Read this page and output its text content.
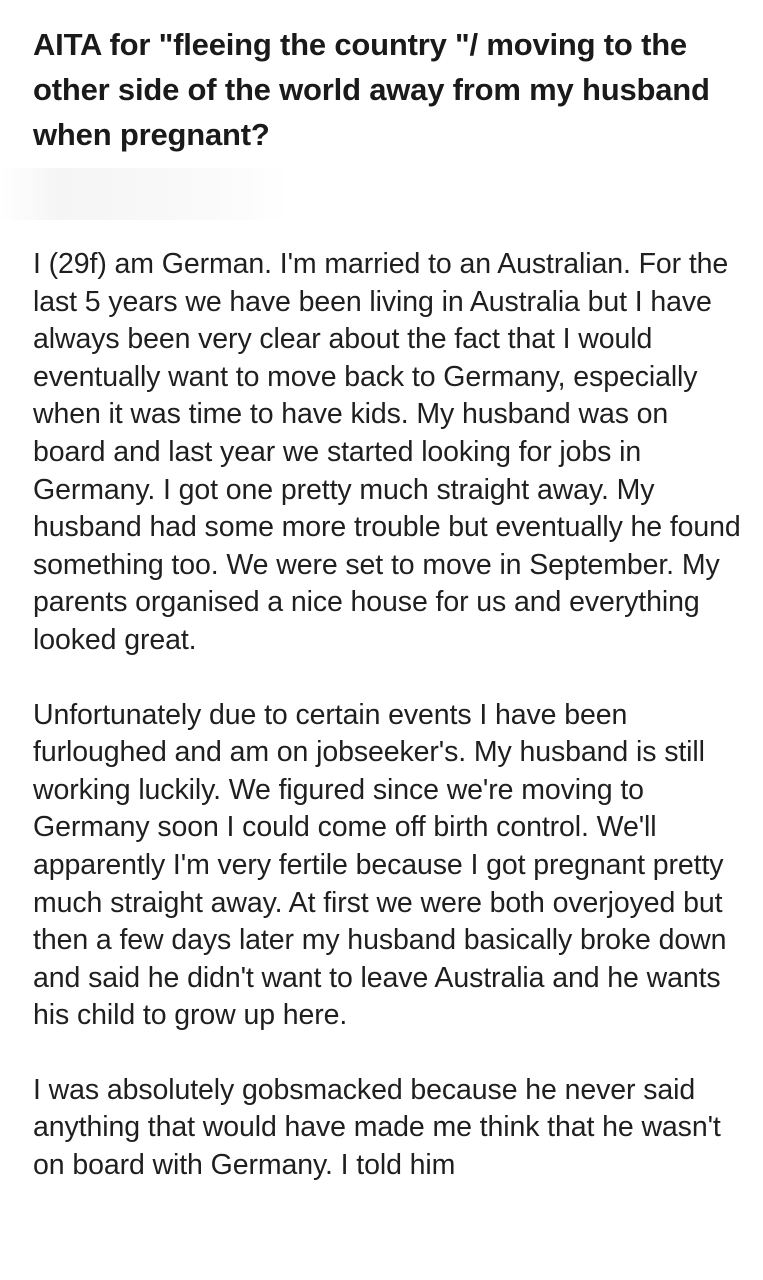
AITA for "fleeing the country "/ moving to the other side of the world away from my husband when pregnant?

I (29f) am German. I'm married to an Australian. For the last 5 years we have been living in Australia but I have always been very clear about the fact that I would eventually want to move back to Germany, especially when it was time to have kids. My husband was on board and last year we started looking for jobs in Germany. I got one pretty much straight away. My husband had some more trouble but eventually he found something too. We were set to move in September. My parents organised a nice house for us and everything looked great.

Unfortunately due to certain events I have been furloughed and am on jobseeker's. My husband is still working luckily. We figured since we're moving to Germany soon I could come off birth control. We'll apparently I'm very fertile because I got pregnant pretty much straight away. At first we were both overjoyed but then a few days later my husband basically broke down and said he didn't want to leave Australia and he wants his child to grow up here.

I was absolutely gobsmacked because he never said anything that would have made me think that he wasn't on board with Germany. I told him
